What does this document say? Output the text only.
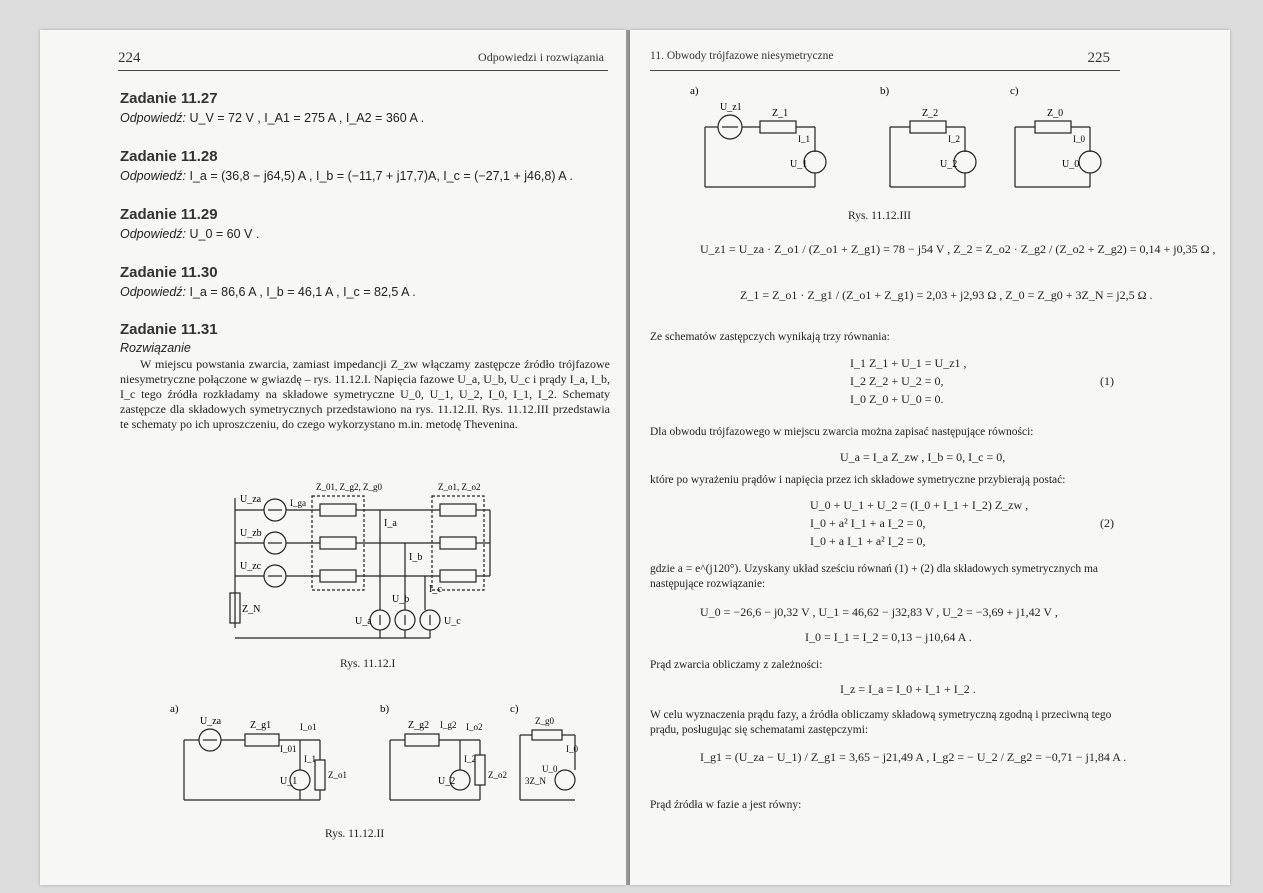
224	Odpowiedzi i rozwiązania
Zadanie 11.27
Odpowiedź: U_V = 72 V , I_A1 = 275 A , I_A2 = 360 A .
Zadanie 11.28
Odpowiedź: I_a = (36,8 − j64,5) A , I_b = (−11,7 + j17,7)A, I_c = (−27,1 + j46,8) A .
Zadanie 11.29
Odpowiedź: U_0 = 60 V .
Zadanie 11.30
Odpowiedź: I_a = 86,6 A , I_b = 46,1 A , I_c = 82,5 A .
Zadanie 11.31
Rozwiązanie
W miejscu powstania zwarcia, zamiast impedancji Z_zw włączamy zastępcze źródło trójfazowe niesymetryczne połączone w gwiazdę – rys. 11.12.I. Napięcia fazowe U_a, U_b, U_c i prądy I_a, I_b, I_c tego źródła rozkładamy na składowe symetryczne U_0, U_1, U_2, I_0, I_1, I_2. Schematy zastępcze dla składowych symetrycznych przedstawiono na rys. 11.12.II. Rys. 11.12.III przedstawia te schematy po ich uproszczeniu, do czego wykorzystano m.in. metodę Thevenina.
U_za
U_zb
U_zc
I_ga
Z_01, Z_g2, Z_g0	Z_o1, Z_o2
I_a
I_b
I_c
U_a
U_b
U_c
Z_N
Rys. 11.12.I
a)	b)	c)
U_za	Z_g1
I_01
I_o1
I_1
U_1
Z_o1
Z_g2 I_g2 I_o2
I_2
U_2
Z_o2
Z_g0
I_0
3Z_N
U_0
Rys. 11.12.II
11. Obwody trójfazowe niesymetryczne	225
a)	b)	c)
U_z1
Z_1
I_1
U_1
Z_2
I_2
U_2
Z_0
I_0
U_0
Rys. 11.12.III
U_z1 = U_za · Z_o1 / (Z_o1 + Z_g1) = 78 − j54 V , Z_2 = Z_o2 · Z_g2 / (Z_o2 + Z_g2) = 0,14 + j0,35 Ω ,
Z_1 = Z_o1 · Z_g1 / (Z_o1 + Z_g1) = 2,03 + j2,93 Ω , Z_0 = Z_g0 + 3Z_N = j2,5 Ω .
Ze schematów zastępczych wynikają trzy równania:
I_1 Z_1 + U_1 = U_z1 ,
I_2 Z_2 + U_2 = 0,
I_0 Z_0 + U_0 = 0.
(1)
Dla obwodu trójfazowego w miejscu zwarcia można zapisać następujące równości:
U_a = I_a Z_zw , I_b = 0, I_c = 0,
które po wyrażeniu prądów i napięcia przez ich składowe symetryczne przybierają postać:
U_0 + U_1 + U_2 = (I_0 + I_1 + I_2) Z_zw ,
I_0 + a² I_1 + a I_2 = 0,
I_0 + a I_1 + a² I_2 = 0,
(2)
gdzie a = e^(j120°). Uzyskany układ sześciu równań (1) + (2) dla składowych symetrycznych ma następujące rozwiązanie:
U_0 = −26,6 − j0,32 V , U_1 = 46,62 − j32,83 V , U_2 = −3,69 + j1,42 V ,
I_0 = I_1 = I_2 = 0,13 − j10,64 A .
Prąd zwarcia obliczamy z zależności:
I_z = I_a = I_0 + I_1 + I_2 .
W celu wyznaczenia prądu fazy, a źródła obliczamy składową symetryczną zgodną i przeciwną tego prądu, posługując się schematami zastępczymi:
I_g1 = (U_za − U_1) / Z_g1 = 3,65 − j21,49 A , I_g2 = − U_2 / Z_g2 = −0,71 − j1,84 A .
Prąd źródła w fazie a jest równy:
